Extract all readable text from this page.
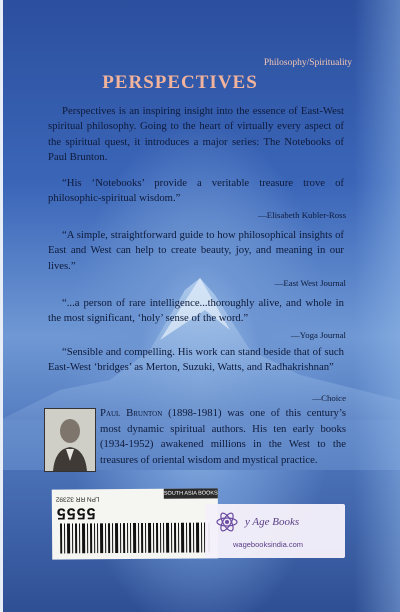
Philosophy/Spirituality
PERSPECTIVES
Perspectives is an inspiring insight into the essence of East-West spiritual philosophy. Going to the heart of virtually every aspect of the spiritual quest, it introduces a major series: The Notebooks of Paul Brunton.
“His ‘Notebooks’ provide a veritable treasure trove of philosophic-spiritual wisdom.”
—Elisabeth Kubler-Ross
“A simple, straightforward guide to how philosophical insights of East and West can help to create beauty, joy, and meaning in our lives.”
—East West Journal
“...a person of rare intelligence...thoroughly alive, and whole in the most significant, ‘holy’ sense of the word.”
—Yoga Journal
“Sensible and compelling. His work can stand beside that of such East-West ‘bridges’ as Merton, Suzuki, Watts, and Radhakrishnan”
—Choice
Paul Brunton (1898-1981) was one of this century’s most dynamic spiritual authors. His ten early books (1934-1952) awakened millions in the West to the treasures of oriental wisdom and mystical practice.
SOUTH ASIA BOOKS
LPN RR 32392
5555
y Age Books
wagebooksindia.com
